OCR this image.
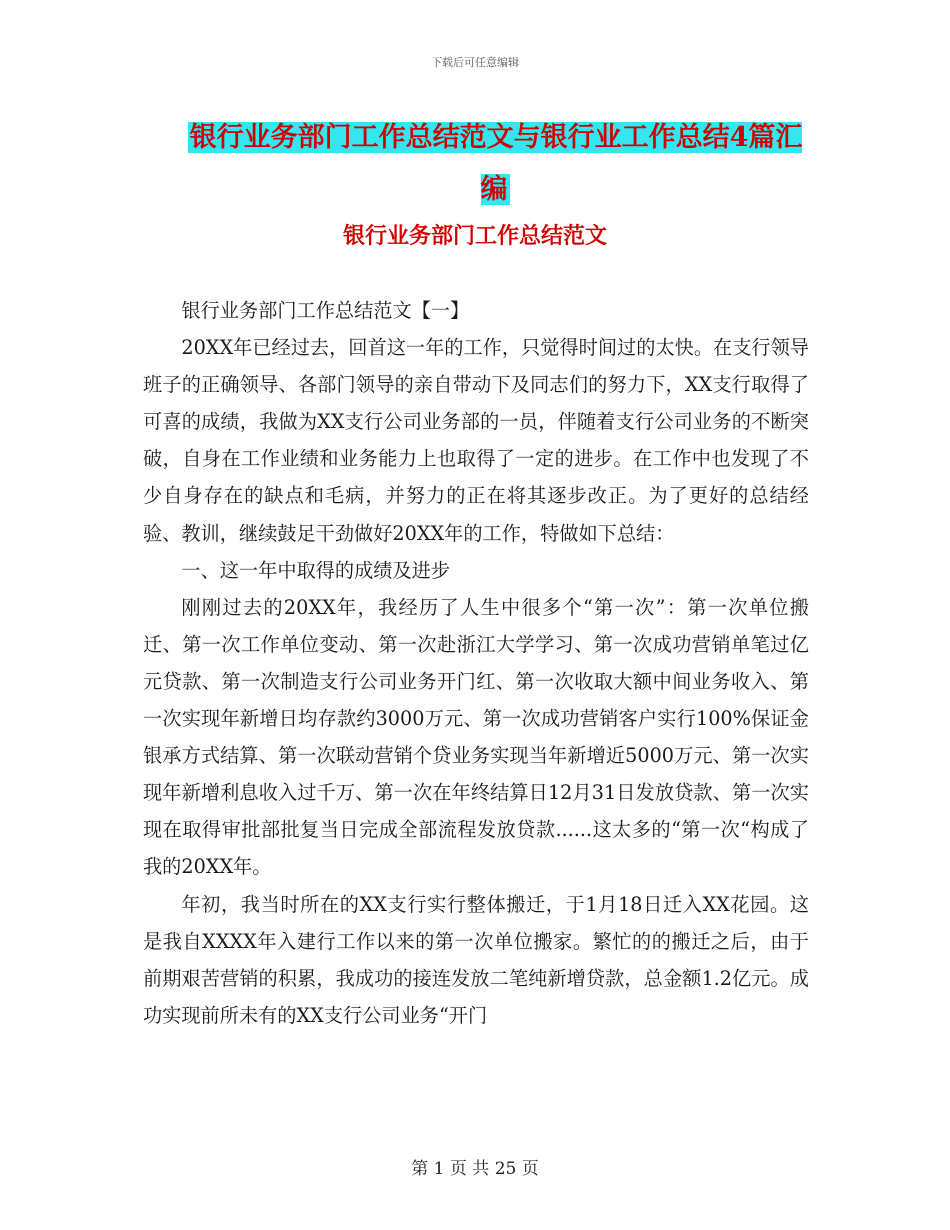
下载后可任意编辑
银行业务部门工作总结范文与银行业工作总结4篇汇编
银行业务部门工作总结范文

银行业务部门工作总结范文【一】

20XX年已经过去，回首这一年的工作，只觉得时间过的太快。在支行领导班子的正确领导、各部门领导的亲自带动下及同志们的努力下，XX支行取得了可喜的成绩，我做为XX支行公司业务部的一员，伴随着支行公司业务的不断突破，自身在工作业绩和业务能力上也取得了一定的进步。在工作中也发现了不少自身存在的缺点和毛病，并努力的正在将其逐步改正。为了更好的总结经验、教训，继续鼓足干劲做好20XX年的工作，特做如下总结：

一、这一年中取得的成绩及进步

刚刚过去的20XX年，我经历了人生中很多个“第一次”：第一次单位搬迁、第一次工作单位变动、第一次赴浙江大学学习、第一次成功营销单笔过亿元贷款、第一次制造支行公司业务开门红、第一次收取大额中间业务收入、第一次实现年新增日均存款约3000万元、第一次成功营销客户实行100%保证金银承方式结算、第一次联动营销个贷业务实现当年新增近5000万元、第一次实现年新增利息收入过千万、第一次在年终结算日12月31日发放贷款、第一次实现在取得审批部批复当日完成全部流程发放贷款......这太多的“第一次“构成了我的20XX年。

年初，我当时所在的XX支行实行整体搬迁，于1月18日迁入XX花园。这是我自XXXX年入建行工作以来的第一次单位搬家。繁忙的的搬迁之后，由于前期艰苦营销的积累，我成功的接连发放二笔纯新增贷款，总金额1.2亿元。成功实现前所未有的XX支行公司业务“开门

第 1 页 共 25 页
